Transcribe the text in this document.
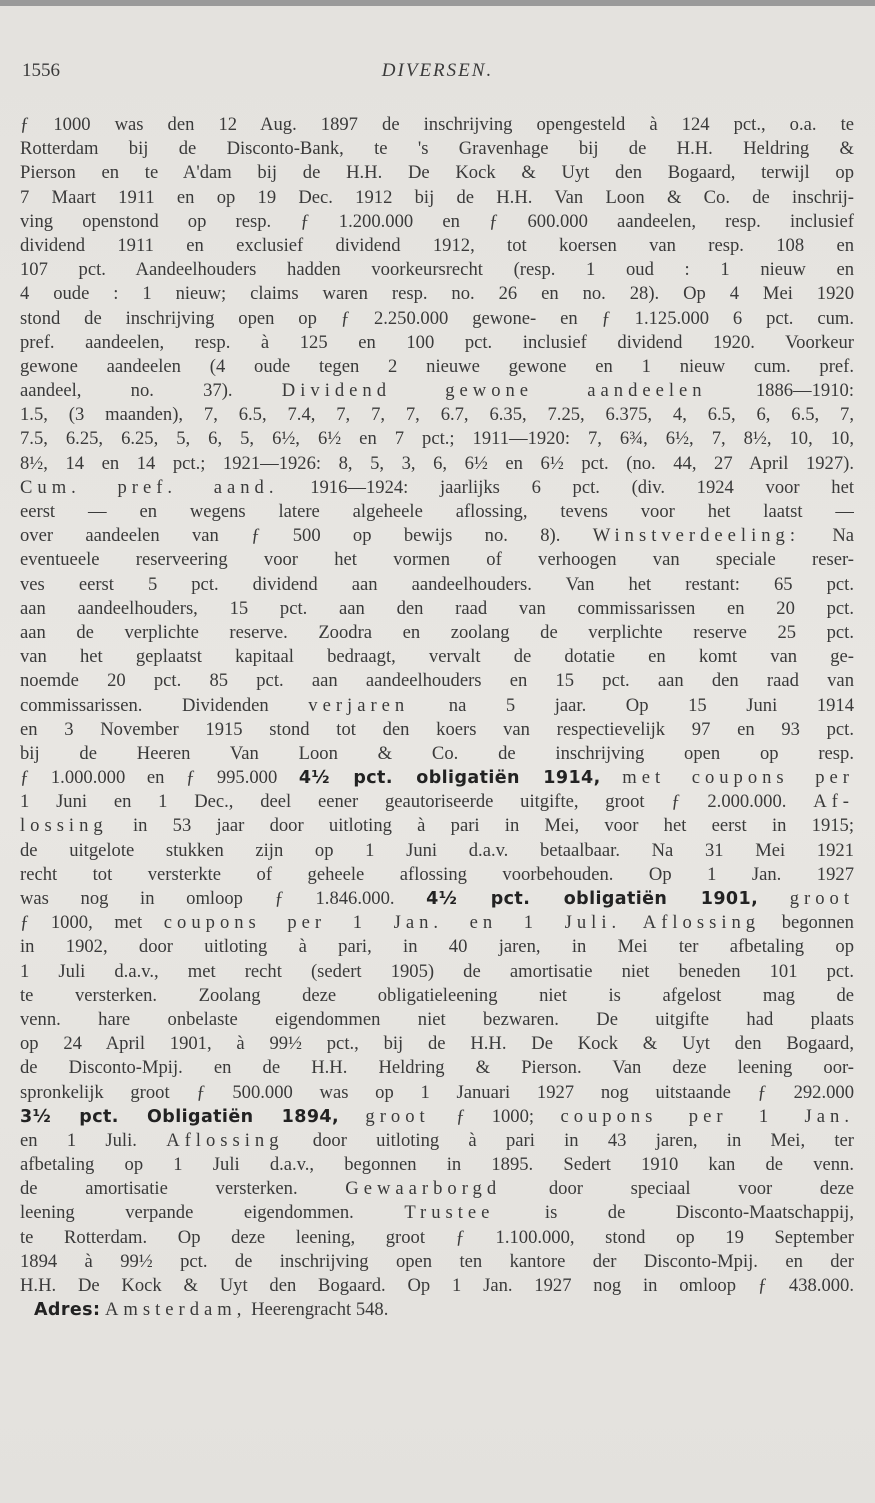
1556	DIVERSEN.
ƒ 1000 was den 12 Aug. 1897 de inschrijving opengesteld à 124 pct., o.a. te
Rotterdam bij de Disconto-Bank, te 's Gravenhage bij de H.H. Heldring &
Pierson en te A'dam bij de H.H. De Kock & Uyt den Bogaard, terwijl op
7 Maart 1911 en op 19 Dec. 1912 bij de H.H. Van Loon & Co. de inschrij-
ving openstond op resp. ƒ 1.200.000 en ƒ 600.000 aandeelen, resp. inclusief
dividend 1911 en exclusief dividend 1912, tot koersen van resp. 108 en
107 pct. Aandeelhouders hadden voorkeursrecht (resp. 1 oud : 1 nieuw en
4 oude : 1 nieuw; claims waren resp. no. 26 en no. 28). Op 4 Mei 1920
stond de inschrijving open op ƒ 2.250.000 gewone- en ƒ 1.125.000 6 pct. cum.
pref. aandeelen, resp. à 125 en 100 pct. inclusief dividend 1920. Voorkeur
gewone aandeelen (4 oude tegen 2 nieuwe gewone en 1 nieuw cum. pref.
aandeel, no. 37).	Dividend gewone aandeelen	1886—1910:
1.5, (3 maanden), 7, 6.5, 7.4, 7, 7, 7, 6.7, 6.35, 7.25, 6.375, 4, 6.5, 6, 6.5, 7,
7.5, 6.25, 6.25, 5, 6, 5, 6½, 6½ en 7 pct.; 1911—1920: 7, 6¾, 6½, 7, 8½, 10, 10,
8½, 14 en 14 pct.; 1921—1926: 8, 5, 3, 6, 6½ en 6½ pct. (no. 44, 27 April 1927).
Cum. pref. aand. 1916—1924: jaarlijks 6 pct. (div. 1924 voor het
eerst — en wegens latere algeheele aflossing, tevens voor het laatst —
over aandeelen van ƒ 500 op bewijs no. 8). Winstverdeeling: Na
eventueele reserveering voor het vormen of verhoogen van speciale reser-
ves eerst 5 pct. dividend aan aandeelhouders. Van het restant: 65 pct.
aan aandeelhouders, 15 pct. aan den raad van commissarissen en 20 pct.
aan de verplichte reserve. Zoodra en zoolang de verplichte reserve 25 pct.
van het geplaatst kapitaal bedraagt, vervalt de dotatie en komt van ge-
noemde 20 pct. 85 pct. aan aandeelhouders en 15 pct. aan den raad van
commissarissen. Dividenden verjaren na 5 jaar. Op 15 Juni 1914
en 3 November 1915 stond tot den koers van respectievelijk 97 en 93 pct.
bij de Heeren Van Loon & Co. de inschrijving open op resp.
ƒ 1.000.000 en ƒ 995.000 4½ pct. obligatiën 1914, met coupons per
1 Juni en 1 Dec., deel eener geautoriseerde uitgifte, groot ƒ 2.000.000. Af-
lossing in 53 jaar door uitloting à pari in Mei, voor het eerst in 1915;
de uitgelote stukken zijn op 1 Juni d.a.v. betaalbaar. Na 31 Mei 1921
recht tot versterkte of geheele aflossing voorbehouden. Op 1 Jan. 1927
was nog in omloop ƒ 1.846.000. 4½ pct. obligatiën 1901, groot
ƒ 1000, met coupons per 1 Jan. en 1 Juli. Aflossing begonnen
in 1902, door uitloting à pari, in 40 jaren, in Mei ter afbetaling op
1 Juli d.a.v., met recht (sedert 1905) de amortisatie niet beneden 101 pct.
te versterken. Zoolang deze obligatieleening niet is afgelost mag de
venn. hare onbelaste eigendommen niet bezwaren. De uitgifte had plaats
op 24 April 1901, à 99½ pct., bij de H.H. De Kock & Uyt den Bogaard,
de Disconto-Mpij. en de H.H. Heldring & Pierson. Van deze leening oor-
spronkelijk groot ƒ 500.000 was op 1 Januari 1927 nog uitstaande ƒ 292.000
3½ pct. Obligatiën 1894, groot ƒ 1000; coupons per 1 Jan.
en 1 Juli. Aflossing door uitloting à pari in 43 jaren, in Mei, ter
afbetaling op 1 Juli d.a.v., begonnen in 1895. Sedert 1910 kan de venn.
de amortisatie versterken.	Gewaarborgd	door speciaal voor deze
leening verpande eigendommen.	Trustee	is de Disconto-Maatschappij,
te Rotterdam. Op deze leening, groot ƒ 1.100.000, stond op 19 September
1894 à 99½ pct. de inschrijving open ten kantore der Disconto-Mpij. en der
H.H. De Kock & Uyt den Bogaard. Op 1 Jan. 1927 nog in omloop ƒ 438.000.
Adres: Amsterdam, Heerengracht 548.
